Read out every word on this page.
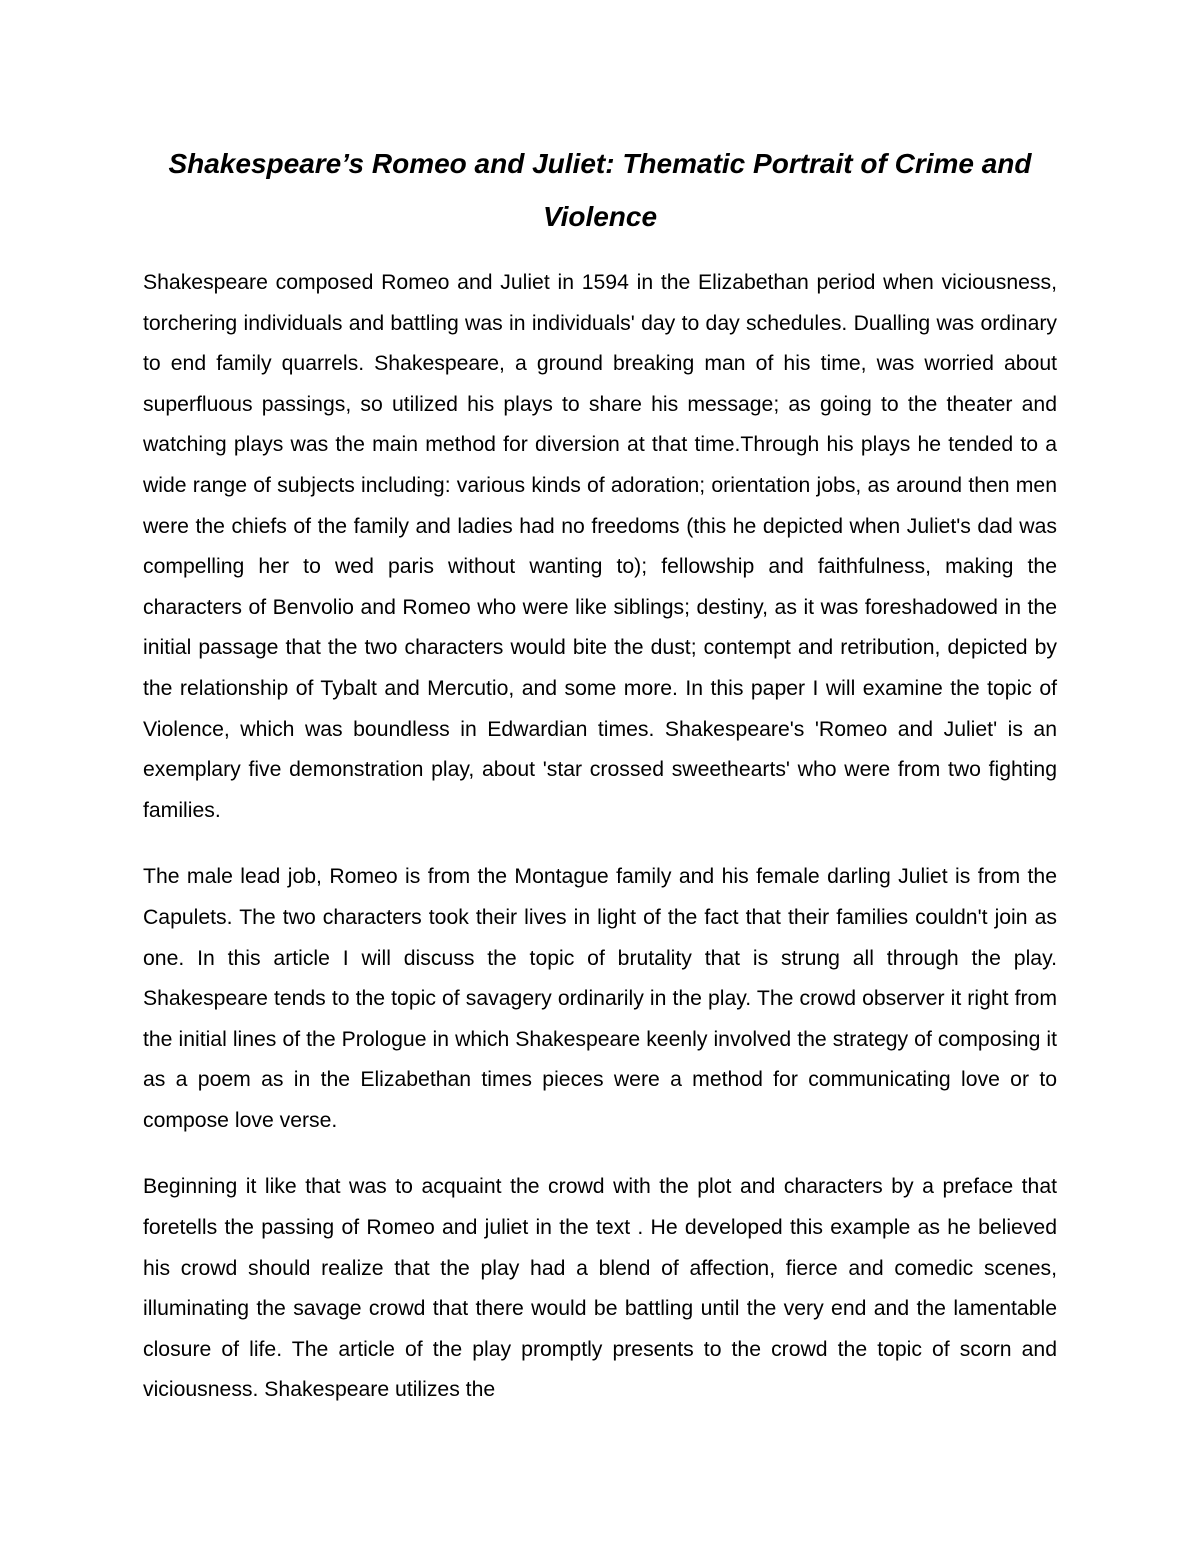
Shakespeare’s Romeo and Juliet: Thematic Portrait of Crime and Violence

Shakespeare composed Romeo and Juliet in 1594 in the Elizabethan period when viciousness, torchering individuals and battling was in individuals' day to day schedules. Dualling was ordinary to end family quarrels. Shakespeare, a ground breaking man of his time, was worried about superfluous passings, so utilized his plays to share his message; as going to the theater and watching plays was the main method for diversion at that time.Through his plays he tended to a wide range of subjects including: various kinds of adoration; orientation jobs, as around then men were the chiefs of the family and ladies had no freedoms (this he depicted when Juliet's dad was compelling her to wed paris without wanting to); fellowship and faithfulness, making the characters of Benvolio and Romeo who were like siblings; destiny, as it was foreshadowed in the initial passage that the two characters would bite the dust; contempt and retribution, depicted by the relationship of Tybalt and Mercutio, and some more. In this paper I will examine the topic of Violence, which was boundless in Edwardian times. Shakespeare's 'Romeo and Juliet' is an exemplary five demonstration play, about 'star crossed sweethearts' who were from two fighting families.

The male lead job, Romeo is from the Montague family and his female darling Juliet is from the Capulets. The two characters took their lives in light of the fact that their families couldn't join as one. In this article I will discuss the topic of brutality that is strung all through the play. Shakespeare tends to the topic of savagery ordinarily in the play. The crowd observer it right from the initial lines of the Prologue in which Shakespeare keenly involved the strategy of composing it as a poem as in the Elizabethan times pieces were a method for communicating love or to compose love verse.

Beginning it like that was to acquaint the crowd with the plot and characters by a preface that foretells the passing of Romeo and juliet in the text . He developed this example as he believed his crowd should realize that the play had a blend of affection, fierce and comedic scenes, illuminating the savage crowd that there would be battling until the very end and the lamentable closure of life. The article of the play promptly presents to the crowd the topic of scorn and viciousness. Shakespeare utilizes the
